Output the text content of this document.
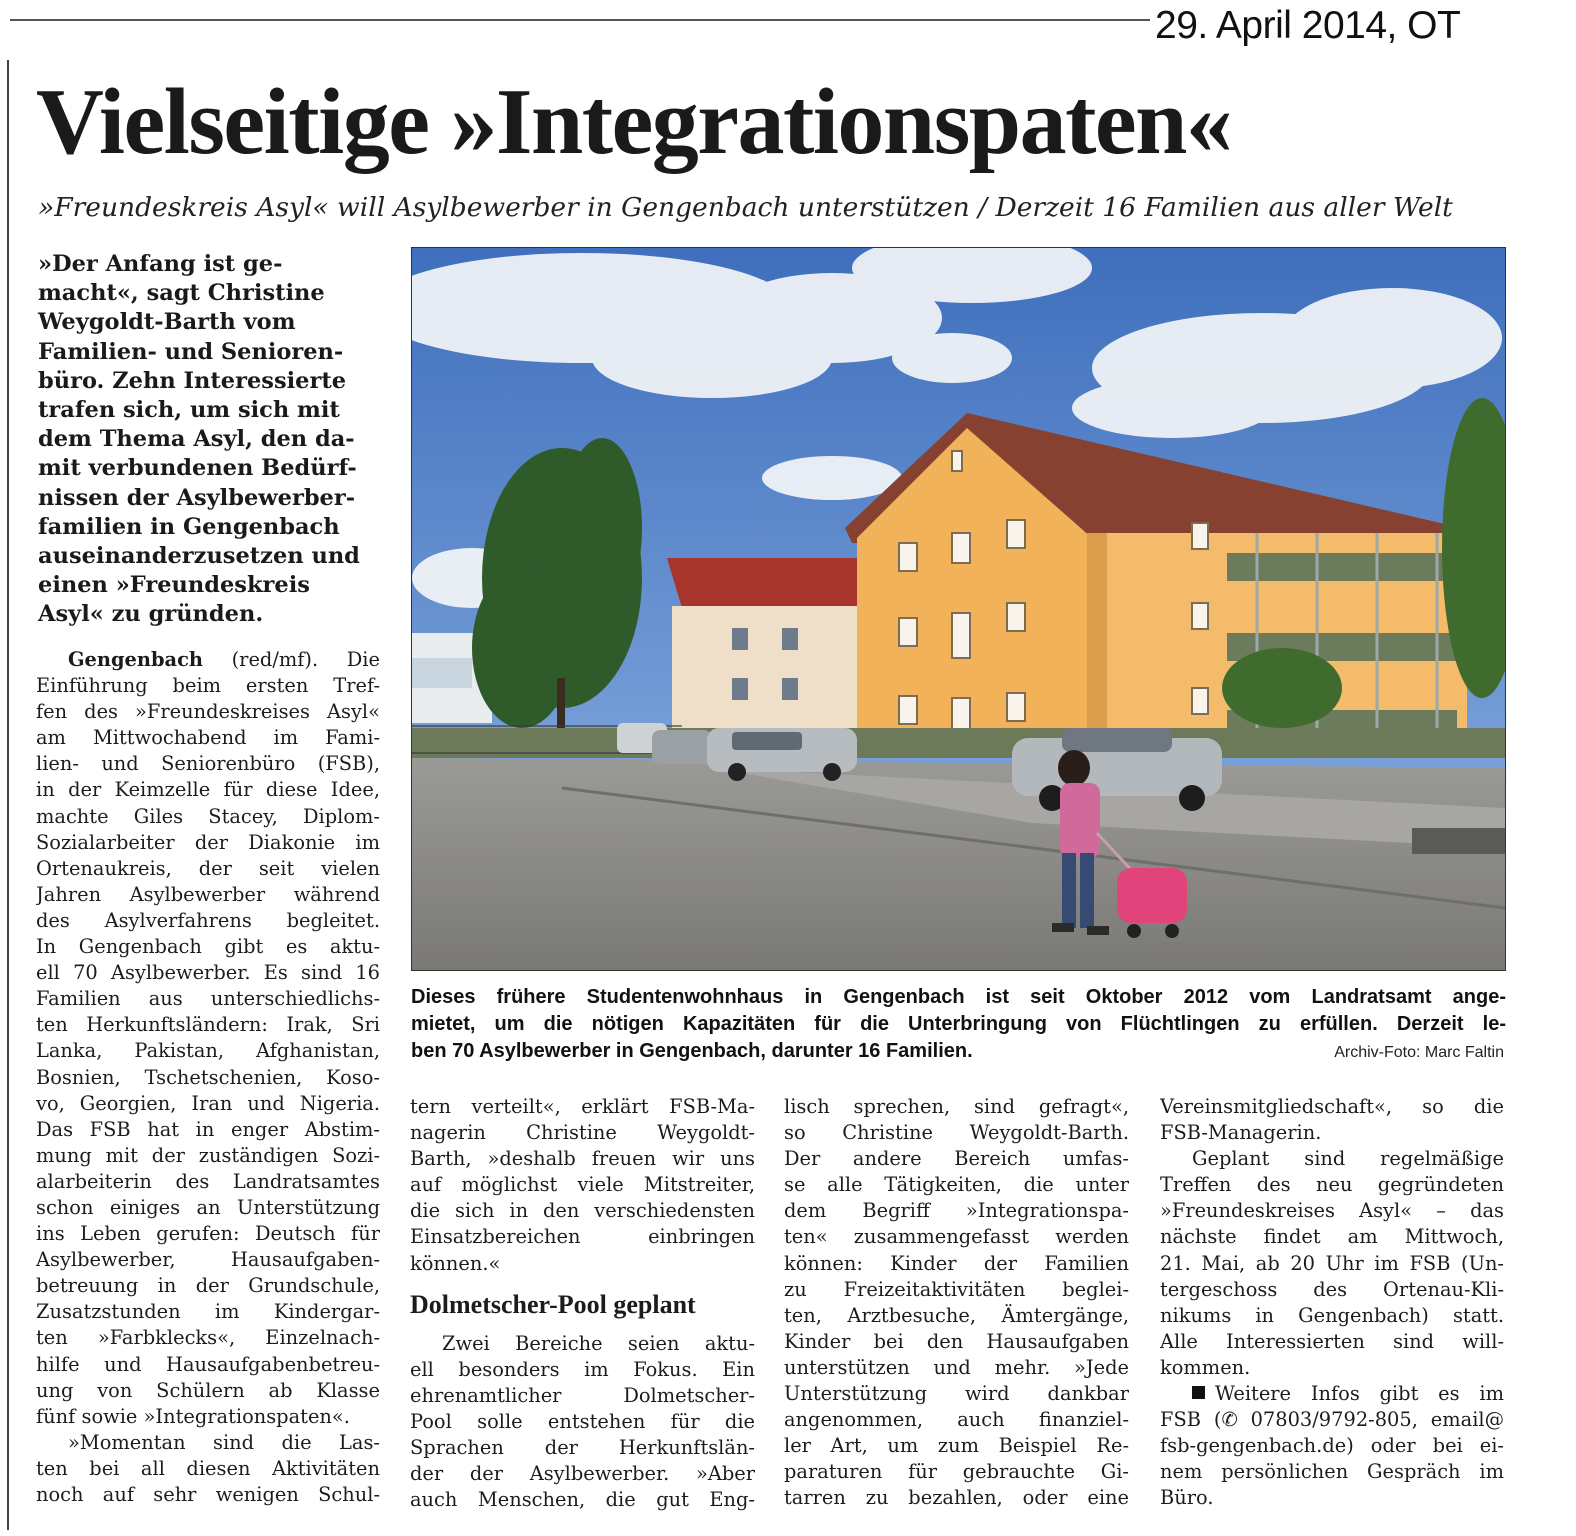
29. April 2014, OT
Vielseitige »Integrationspaten«
»Freundeskreis Asyl« will Asylbewerber in Gengenbach unterstützen / Derzeit 16 Familien aus aller Welt
»Der Anfang ist ge-
macht«, sagt Christine
Weygoldt-Barth vom
Familien- und Senioren-
büro. Zehn Interessierte
trafen sich, um sich mit
dem Thema Asyl, den da-
mit verbundenen Bedürf-
nissen der Asylbewerber-
familien in Gengenbach
auseinanderzusetzen und
einen »Freundeskreis
Asyl« zu gründen.
Gengenbach (red/mf). Die
Einführung beim ersten Tref-
fen des »Freundeskreises Asyl«
am Mittwochabend im Fami-
lien- und Seniorenbüro (FSB),
in der Keimzelle für diese Idee,
machte Giles Stacey, Diplom-
Sozialarbeiter der Diakonie im
Ortenaukreis, der seit vielen
Jahren Asylbewerber während
des Asylverfahrens begleitet.
In Gengenbach gibt es aktu-
ell 70 Asylbewerber. Es sind 16
Familien aus unterschiedlichs-
ten Herkunftsländern: Irak, Sri
Lanka, Pakistan, Afghanistan,
Bosnien, Tschetschenien, Koso-
vo, Georgien, Iran und Nigeria.
Das FSB hat in enger Abstim-
mung mit der zuständigen Sozi-
alarbeiterin des Landratsamtes
schon einiges an Unterstützung
ins Leben gerufen: Deutsch für
Asylbewerber, Hausaufgaben-
betreuung in der Grundschule,
Zusatzstunden im Kindergar-
ten »Farbklecks«, Einzelnach-
hilfe und Hausaufgabenbetreu-
ung von Schülern ab Klasse
fünf sowie »Integrationspaten«.
»Momentan sind die Las-
ten bei all diesen Aktivitäten
noch auf sehr wenigen Schul-
Dieses frühere Studentenwohnhaus in Gengenbach ist seit Oktober 2012 vom Landratsamt ange-
mietet, um die nötigen Kapazitäten für die Unterbringung von Flüchtlingen zu erfüllen. Derzeit le-
ben 70 Asylbewerber in Gengenbach, darunter 16 Familien.	Archiv-Foto: Marc Faltin
tern verteilt«, erklärt FSB-Ma-
nagerin Christine Weygoldt-
Barth, »deshalb freuen wir uns
auf möglichst viele Mitstreiter,
die sich in den verschiedensten
Einsatzbereichen einbringen
können.«
Dolmetscher-Pool geplant
Zwei Bereiche seien aktu-
ell besonders im Fokus. Ein
ehrenamtlicher Dolmetscher-
Pool solle entstehen für die
Sprachen der Herkunftslän-
der der Asylbewerber. »Aber
auch Menschen, die gut Eng-
lisch sprechen, sind gefragt«,
so Christine Weygoldt-Barth.
Der andere Bereich umfas-
se alle Tätigkeiten, die unter
dem Begriff »Integrationspa-
ten« zusammengefasst werden
können: Kinder der Familien
zu Freizeitaktivitäten beglei-
ten, Arztbesuche, Ämtergänge,
Kinder bei den Hausaufgaben
unterstützen und mehr. »Jede
Unterstützung wird dankbar
angenommen, auch finanziel-
ler Art, um zum Beispiel Re-
paraturen für gebrauchte Gi-
tarren zu bezahlen, oder eine
Vereinsmitgliedschaft«, so die
FSB-Managerin.
Geplant sind regelmäßige
Treffen des neu gegründeten
»Freundeskreises Asyl« – das
nächste findet am Mittwoch,
21. Mai, ab 20 Uhr im FSB (Un-
tergeschoss des Ortenau-Kli-
nikums in Gengenbach) statt.
Alle Interessierten sind will-
kommen.
Weitere Infos gibt es im
FSB (✆ 07803/9792-805, email@
fsb-gengenbach.de) oder bei ei-
nem persönlichen Gespräch im
Büro.
